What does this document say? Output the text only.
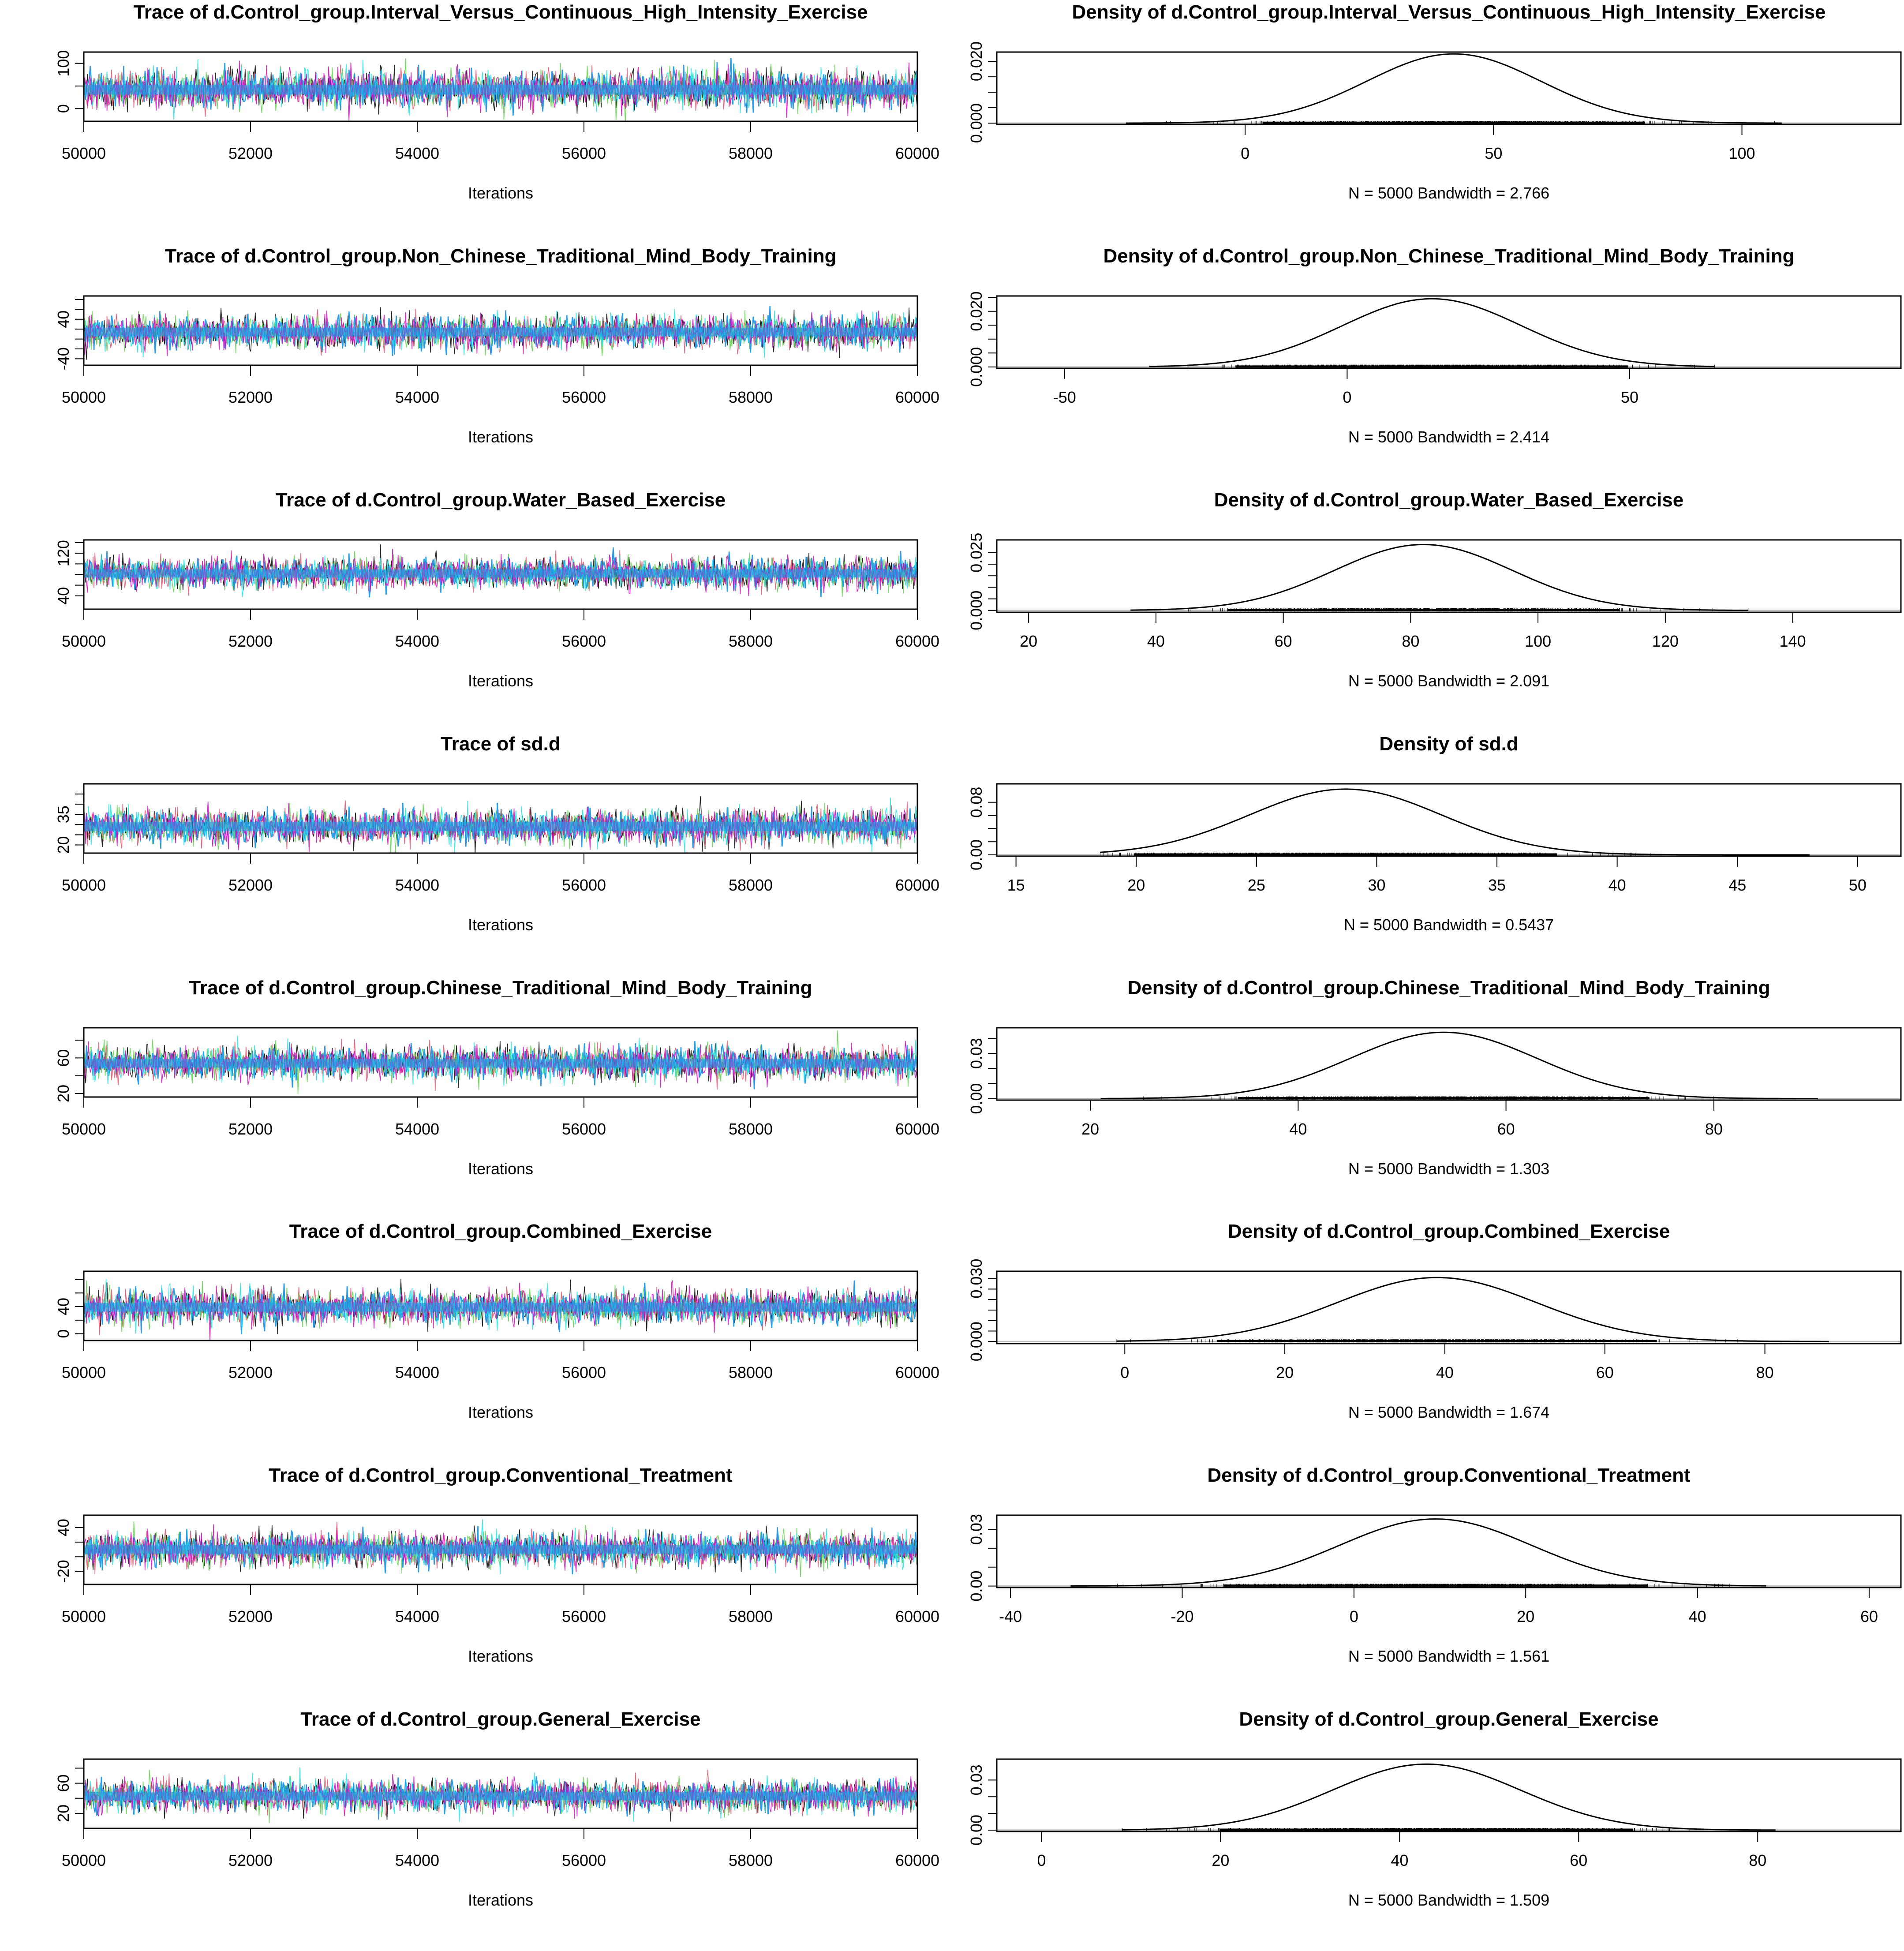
Trace of d.Control_group.Interval_Versus_Continuous_High_Intensity_Exercise
50000	52000	54000	56000	58000	60000
0
100
Iterations
Density of d.Control_group.Interval_Versus_Continuous_High_Intensity_Exercise
0	50	100
0.000
0.020
N = 5000 Bandwidth = 2.766
Trace of d.Control_group.Non_Chinese_Traditional_Mind_Body_Training
50000	52000	54000	56000	58000	60000
-40
40
Iterations
Density of d.Control_group.Non_Chinese_Traditional_Mind_Body_Training
-50	0	50
0.000
0.020
N = 5000 Bandwidth = 2.414
Trace of d.Control_group.Water_Based_Exercise
50000	52000	54000	56000	58000	60000
40
120
Iterations
Density of d.Control_group.Water_Based_Exercise
20	40	60	80	100	120	140
0.000
0.025
N = 5000 Bandwidth = 2.091
Trace of sd.d
50000	52000	54000	56000	58000	60000
20
35
Iterations
Density of sd.d
15	20	25	30	35	40	45	50
0.00
0.08
N = 5000 Bandwidth = 0.5437
Trace of d.Control_group.Chinese_Traditional_Mind_Body_Training
50000	52000	54000	56000	58000	60000
20
60
Iterations
Density of d.Control_group.Chinese_Traditional_Mind_Body_Training
20	40	60	80
0.00
0.03
N = 5000 Bandwidth = 1.303
Trace of d.Control_group.Combined_Exercise
50000	52000	54000	56000	58000	60000
0
40
Iterations
Density of d.Control_group.Combined_Exercise
0	20	40	60	80
0.000
0.030
N = 5000 Bandwidth = 1.674
Trace of d.Control_group.Conventional_Treatment
50000	52000	54000	56000	58000	60000
-20
40
Iterations
Density of d.Control_group.Conventional_Treatment
-40	-20	0	20	40	60
0.00
0.03
N = 5000 Bandwidth = 1.561
Trace of d.Control_group.General_Exercise
50000	52000	54000	56000	58000	60000
20
60
Iterations
Density of d.Control_group.General_Exercise
0	20	40	60	80
0.00
0.03
N = 5000 Bandwidth = 1.509
